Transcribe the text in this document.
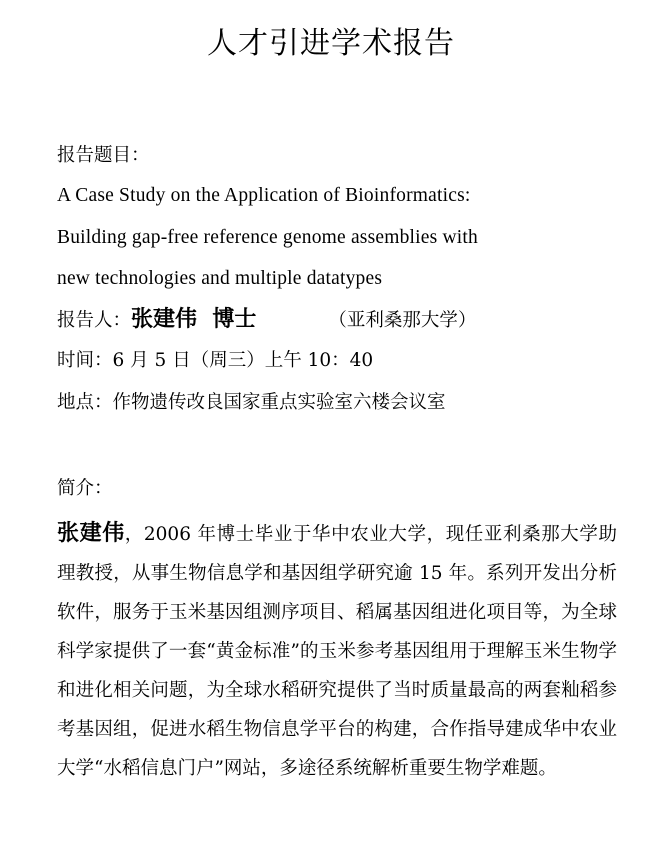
人才引进学术报告
报告题目：
A Case Study on the Application of Bioinformatics:
Building gap-free reference genome assemblies with
new technologies and multiple datatypes
报告人：张建伟  博士	（亚利桑那大学）
时间：6 月 5 日（周三）上午 10：40
地点：作物遗传改良国家重点实验室六楼会议室
简介：
张建伟，2006 年博士毕业于华中农业大学，现任亚利桑那大学助理教授，从事生物信息学和基因组学研究逾 15 年。系列开发出分析软件，服务于玉米基因组测序项目、稻属基因组进化项目等，为全球科学家提供了一套“黄金标准”的玉米参考基因组用于理解玉米生物学和进化相关问题，为全球水稻研究提供了当时质量最高的两套籼稻参考基因组，促进水稻生物信息学平台的构建，合作指导建成华中农业大学“水稻信息门户”网站，多途径系统解析重要生物学难题。
